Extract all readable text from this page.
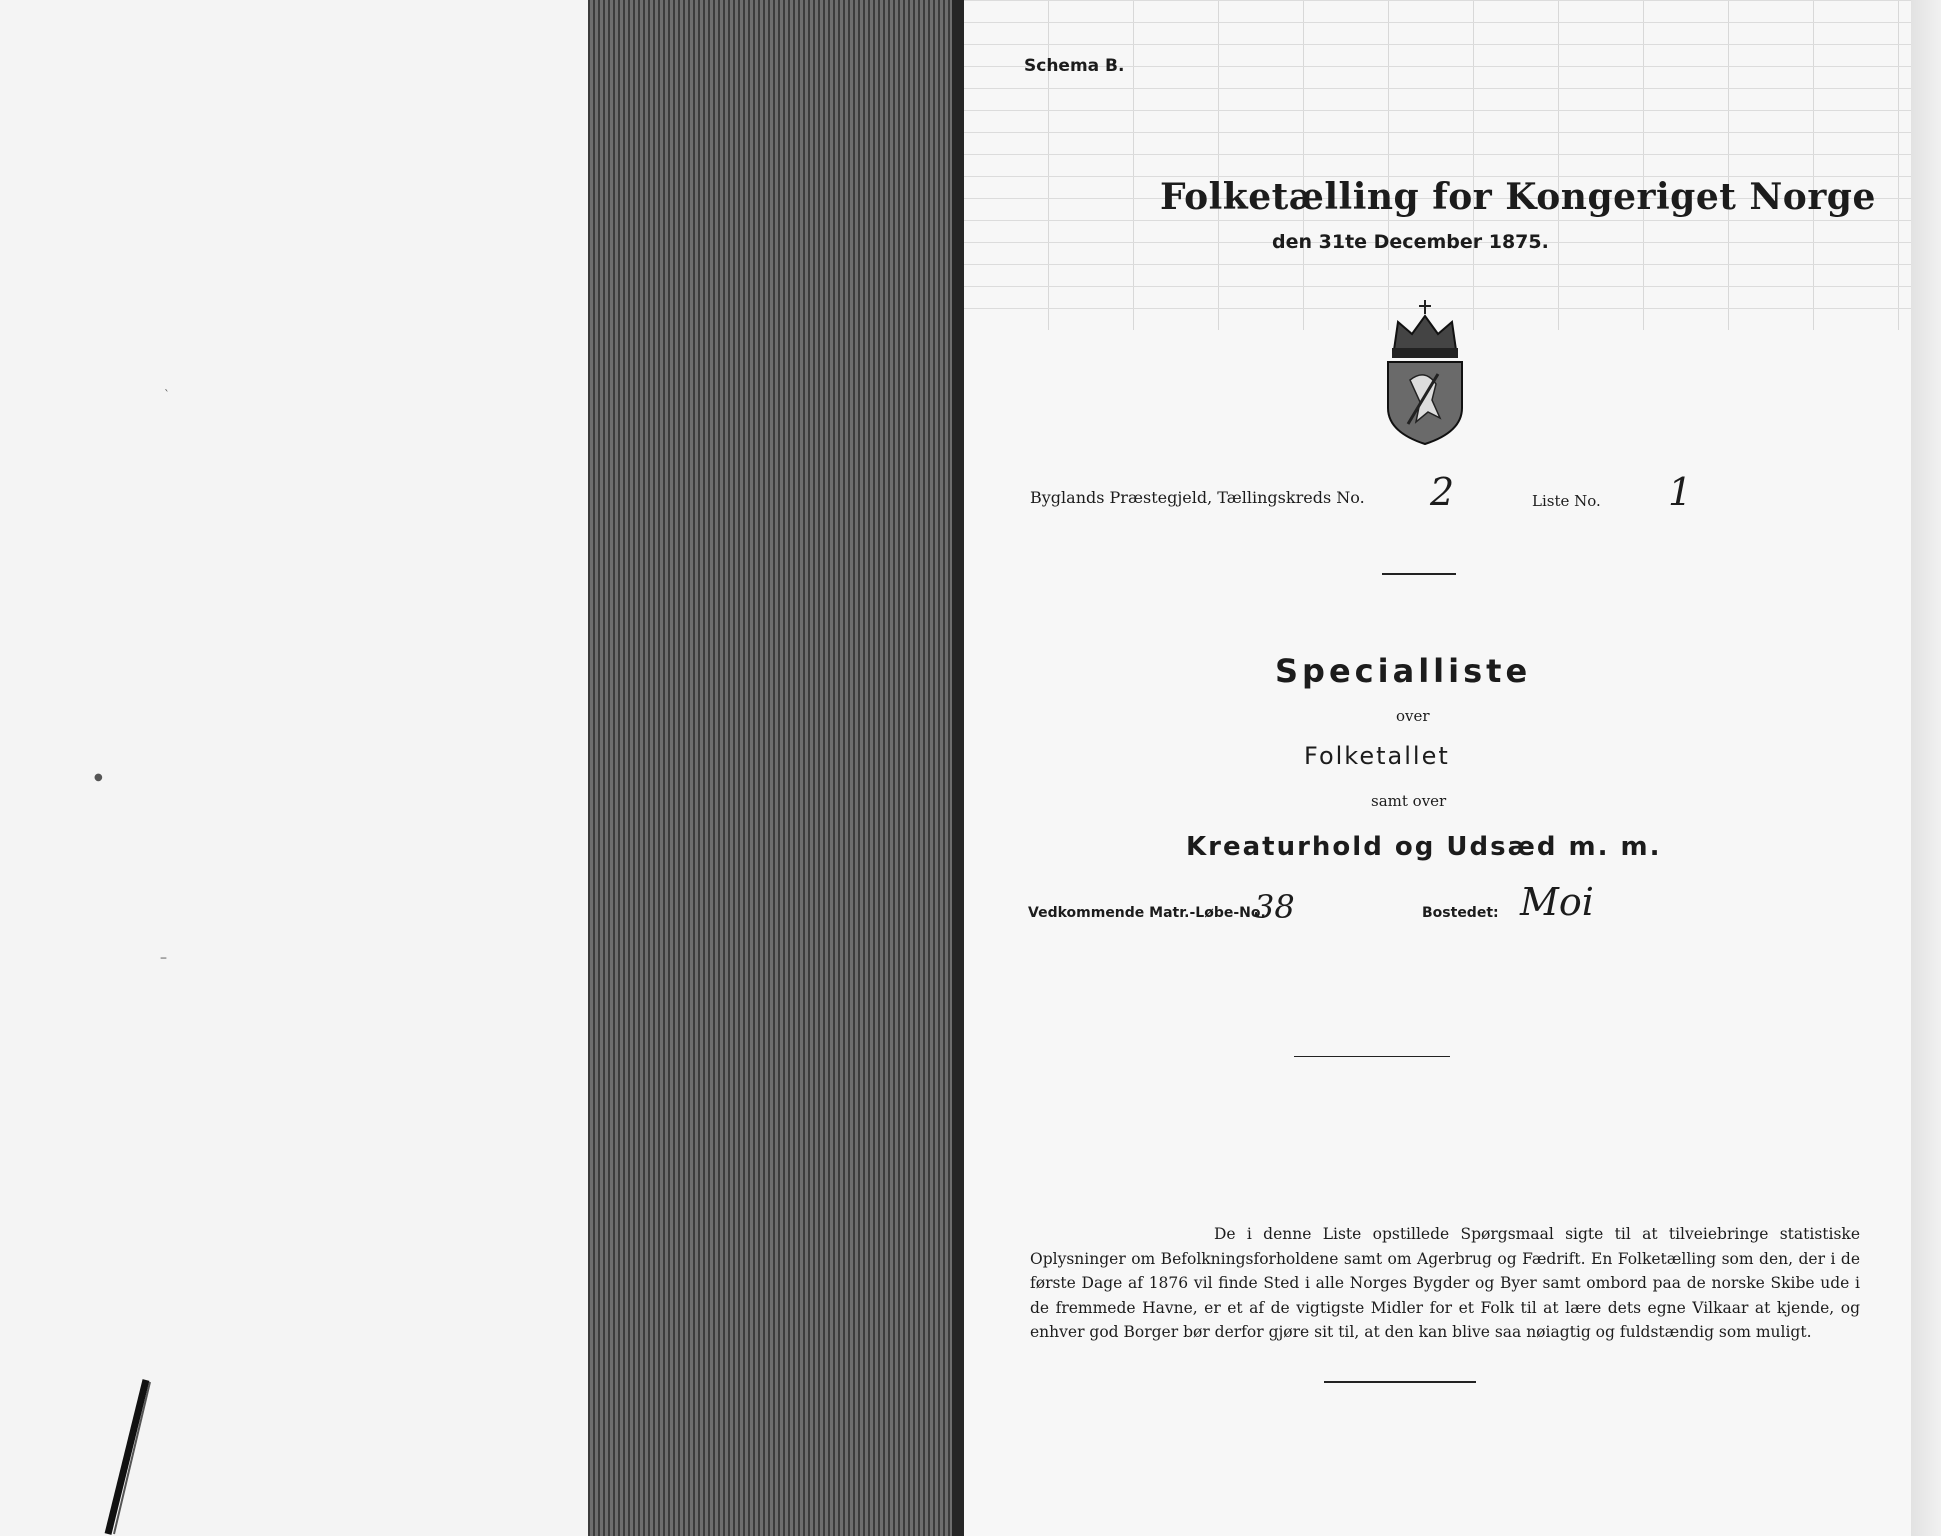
●
–
`
Schema B.
Folketælling for Kongeriget Norge
den 31te December 1875.
Byglands Præstegjeld, Tællingskreds No. 2	Liste No. 1
Specialliste
over
Folketallet
samt over
Kreaturhold og Udsæd m. m.
Vedkommende Matr.-Løbe-No.
38	Bostedet: Moi
De i denne Liste opstillede Spørgsmaal sigte til at tilveiebringe statistiske Oplysninger om Befolkningsforholdene samt om Agerbrug og Fædrift. En Folketælling som den, der i de første Dage af 1876 vil finde Sted i alle Norges Bygder og Byer samt ombord paa de norske Skibe ude i de fremmede Havne, er et af de vigtigste Midler for et Folk til at lære dets egne Vilkaar at kjende, og enhver god Borger bør derfor gjøre sit til, at den kan blive saa nøiagtig og fuldstændig som muligt.
